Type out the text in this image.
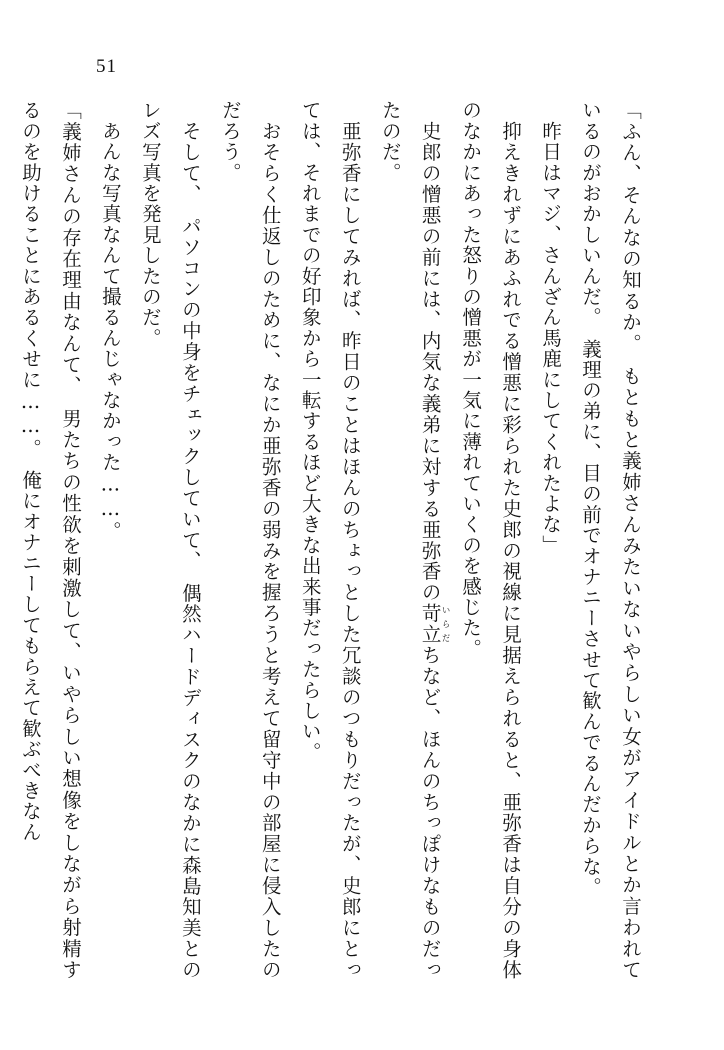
51

「ふん、そんなの知るか。　もともと義姉さんみたいないやらしい女がアイドルとか言われているのがおかしいんだ。　義理の弟に、目の前でオナニーさせて歓んでるんだからな。

　昨日はマジ、さんざん馬鹿にしてくれたよな」

　抑えきれずにあふれでる憎悪に彩られた史郎の視線に見据えられると、亜弥香は自分の身体のなかにあった怒りの憎悪が一気に薄れていくのを感じた。

　史郎の憎悪の前には、内気な義弟に対する亜弥香の苛立いらだちなど、ほんのちっぽけなものだったのだ。

　亜弥香にしてみれば、昨日のことはほんのちょっとした冗談のつもりだったが、史郎にとっては、それまでの好印象から一転するほど大きな出来事だったらしい。

　おそらく仕返しのために、なにか亜弥香の弱みを握ろうと考えて留守中の部屋に侵入したのだろう。

　そして、　パソコンの中身をチェックしていて、　偶然ハードディスクのなかに森島知美とのレズ写真を発見したのだ。

　あんな写真なんて撮るんじゃなかった……。

「義姉さんの存在理由なんて、　男たちの性欲を刺激して、いやらしい想像をしながら射精するのを助けることにあるくせに……。　俺にオナニーしてもらえて歓ぶべきなん
